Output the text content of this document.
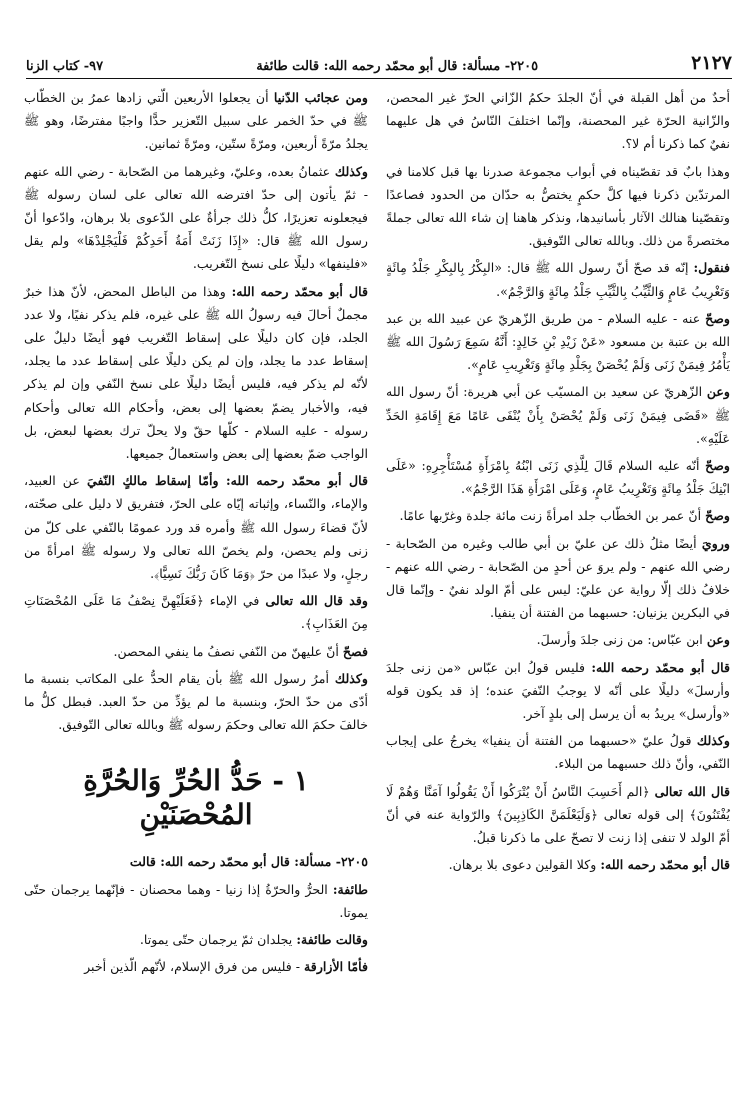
٢١٢٧
٢٢٠٥- مسألة: قال أبو محمّد رحمه الله: قالت طائفة
٩٧- كتاب الزنا

أحدٌ من أهل القبلة في أنّ الجلدَ حكمُ الزّاني الحرّ غير المحصن، والزّانية الحرّة غير المحصنة، وإنّما اختلفَ النّاسُ في هل عليهما نفيٌ كما ذكرنا أم لا؟.

وهذا بابٌ قد تقصّيناه في أبواب مجموعة صدرنا بها قبل كلامنا في المرتدّين ذكرنا فيها كلَّ حكمٍ يختصُّ به حدّان من الحدود فصاعدًا وتقصّينا هنالك الآثار بأسانيدها، ونذكر هاهنا إن شاء الله تعالى جملةً مختصرةً من ذلك. وبالله تعالى التّوفيق.

فنقول: إنّه قد صحّ أنّ رسول الله ﷺ قال: «البِكْرُ بِالبِكْرِ جَلْدُ مِائَةٍ وَتَغْرِيبُ عَامٍ وَالثَّيِّبُ بِالثَّيِّبِ جَلْدُ مِائَةٍ وَالرَّجْمُ».

وصحّ عنه - عليه السلام - من طريق الزّهريّ عن عبيد الله بن عبد الله بن عتبة بن مسعود «عَنْ زَيْدِ بْنِ خَالِدٍ: أَنَّهُ سَمِعَ رَسُولَ الله ﷺ يَأْمُرُ فِيمَنْ زَنَى وَلَمْ يُحْصَنْ بِجَلْدِ مِائَةٍ وَتَغْرِيبِ عَامٍ».

وعن الزّهريّ عن سعيد بن المسيّب عن أبي هريرة: أنّ رسول الله ﷺ «قَضَى فِيمَنْ زَنَى وَلَمْ يُحْصَنْ بِأَنْ يُنْفَى عَامًا مَعَ إِقَامَةِ الحَدِّ عَلَيْهِ».

وصحّ أنّه عليه السلام قَالَ لِلَّذِي زَنَى ابْنُهُ بِامْرَأَةِ مُسْتَأْجِرِهِ: «عَلَى ابْنِكَ جَلْدُ مِائَةٍ وَتَغْرِيبُ عَامٍ، وَعَلَى امْرَأَةِ هَذَا الرَّجْمُ».

وصحّ أنّ عمر بن الخطّاب جلد امرأةً زنت مائة جلدة وغرّبها عامًا.

ورويَ أيضًا مثلُ ذلك عن عليّ بن أبي طالب وغيره من الصّحابة - رضي الله عنهم - ولم يروَ عن أحدٍ من الصّحابة - رضي الله عنهم - خلافُ ذلك إلّا رواية عن عليّ: ليس على أمّ الولد نفيٌ - وإنّما قال في البكرين يزنيان: حسبهما من الفتنة أن ينفيا.

وعن ابن عبّاس: من زنى جلدَ وأرسلَ.

قال أبو محمّد رحمه الله: فليس قولُ ابن عبّاس «من زنى جلدَ وأرسلَ» دليلًا على أنّه لا يوجبُ النّفيَ عنده؛ إذ قد يكون قوله «وأرسل» يريدُ به أن يرسل إلى بلدٍ آخر.

وكذلك قولُ عليّ «حسبهما من الفتنة أن ينفيا» يخرجُ على إيجاب النّفي، وأنّ ذلك حسبهما من البلاء.

قال الله تعالى ﴿الم أَحَسِبَ النَّاسُ أَنْ يُتْرَكُوا أَنْ يَقُولُوا آمَنَّا وَهُمْ لَا يُفْتَنُونَ﴾ إلى قوله تعالى ﴿وَلَيَعْلَمَنَّ الكَاذِبِينَ﴾ والرّواية عنه في أنّ أمّ الولد لا تنفى إذا زنت لا تصحّ على ما ذكرنا قبلُ.

قال أبو محمّد رحمه الله: وكلا القولين دعوى بلا برهان.

ومن عجائب الدّنيا أن يجعلوا الأربعين الّتي زادها عمرُ بن الخطّاب ﷺ في حدّ الخمر على سبيل التّعزير حدًّا واجبًا مفترضًا، وهو ﷺ يجلدُ مرّةً أربعين، ومرّةً ستّين، ومرّةً ثمانين.

وكذلك عثمانُ بعده، وعليّ، وغيرهما من الصّحابة - رضي الله عنهم - ثمّ يأتون إلى حدّ افترضه الله تعالى على لسان رسوله ﷺ فيجعلونه تعزيرًا، كلُّ ذلك جرأةٌ على الدّعوى بلا برهان، وادّعوا أنّ رسول الله ﷺ قال: «إِذَا زَنَتْ أَمَةُ أَحَدِكُمْ فَلْيَجْلِدْهَا» ولم يقل «فلينفها» دليلًا على نسخ التّغريب.

قال أبو محمّد رحمه الله: وهذا من الباطل المحض، لأنّ هذا خبرٌ مجملٌ أحالَ فيه رسولُ الله ﷺ على غيره، فلم يذكر نفيًا، ولا عدد الجلد، فإن كان دليلًا على إسقاط التّغريب فهو أيضًا دليلٌ على إسقاط عدد ما يجلد، وإن لم يكن دليلًا على إسقاط عدد ما يجلد، لأنّه لم يذكر فيه، فليس أيضًا دليلًا على نسخ النّفي وإن لم يذكر فيه، والأخبار يضمّ بعضها إلى بعض، وأحكام الله تعالى وأحكام رسوله - عليه السلام - كلّها حقّ ولا يحلّ ترك بعضها لبعض، بل الواجب ضمّ بعضها إلى بعض واستعمالُ جميعها.

قال أبو محمّد رحمه الله: وأمّا إسقاط مالكٍ النّفيَ عن العبيد، والإماء، والنّساء، وإثباته إيّاه على الحرّ، فتفريق لا دليل على صحّته، لأنّ قضاءَ رسول الله ﷺ وأمره قد ورد عمومًا بالنّفي على كلّ من زنى ولم يحصن، ولم يخصّ الله تعالى ولا رسوله ﷺ امرأةً من رجلٍ، ولا عبدًا من حرّ ﴿وَمَا كَانَ رَبُّكَ نَسِيًّا﴾.

وقد قال الله تعالى في الإماء ﴿فَعَلَيْهِنَّ نِصْفُ مَا عَلَى المُحْصَنَاتِ مِنَ العَذَابِ﴾.

فصحّ أنّ عليهنّ من النّفي نصفُ ما ينفي المحصن.

وكذلك أمرُ رسول الله ﷺ بأن يقام الحدُّ على المكاتب بنسبة ما أدّى من حدّ الحرّ، وبنسبة ما لم يؤدِّ من حدّ العبد. فبطل كلُّ ما خالفَ حكمَ الله تعالى وحكمَ رسوله ﷺ وبالله تعالى التّوفيق.

١ - حَدُّ الحُرِّ وَالحُرَّةِ المُحْصَنَيْنِ

٢٢٠٥- مسألة: قال أبو محمّد رحمه الله: قالت

طائفة: الحرُّ والحرّةُ إذا زنيا - وهما محصنان - فإنّهما يرجمان حتّى يموتا.

وقالت طائفة: يجلدان ثمّ يرجمان حتّى يموتا.

فأمّا الأزارقة - فليس من فرق الإسلام، لأنّهم الّذين أخبر
